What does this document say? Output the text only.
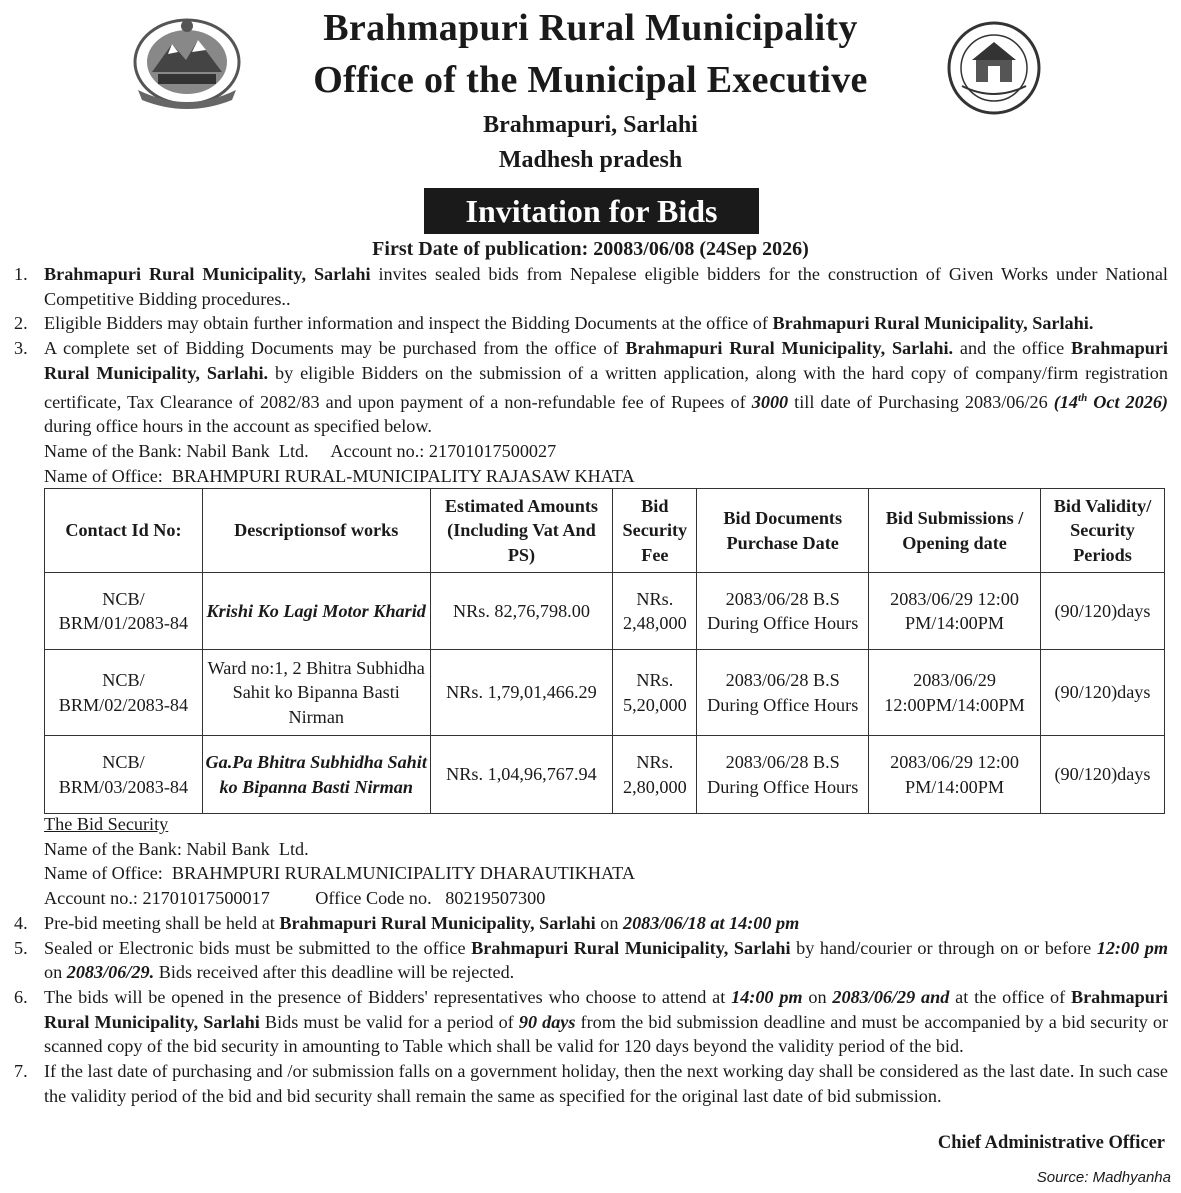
Brahmapuri Rural Municipality
Office of the Municipal Executive
Brahmapuri, Sarlahi
Madhesh pradesh
Invitation for Bids
First Date of publication: 20083/06/08 (24Sep 2026)
1. Brahmapuri Rural Municipality, Sarlahi invites sealed bids from Nepalese eligible bidders for the construction of Given Works under National Competitive Bidding procedures..
2. Eligible Bidders may obtain further information and inspect the Bidding Documents at the office of Brahmapuri Rural Municipality, Sarlahi.
3. A complete set of Bidding Documents may be purchased from the office of Brahmapuri Rural Municipality, Sarlahi. and the office Brahmapuri Rural Municipality, Sarlahi. by eligible Bidders on the submission of a written application, along with the hard copy of company/firm registration certificate, Tax Clearance of 2082/83 and upon payment of a non-refundable fee of Rupees of 3000 till date of Purchasing 2083/06/26 (14th Oct 2026) during office hours in the account as specified below.
Name of the Bank: Nabil Bank  Ltd.     Account no.: 21701017500027
Name of Office:  BRAHMPURI RURAL-MUNICIPALITY RAJASAW KHATA
Contact Id No:	Descriptionsof works	Estimated Amounts (Including Vat And PS)	Bid Security Fee	Bid Documents Purchase Date	Bid Submissions / Opening date	Bid Validity/ Security Periods
NCB/ BRM/01/2083-84	Krishi Ko Lagi Motor Kharid	NRs. 82,76,798.00	NRs. 2,48,000	2083/06/28 B.S During Office Hours	2083/06/29 12:00 PM/14:00PM	(90/120)days
NCB/ BRM/02/2083-84	Ward no:1, 2 Bhitra Subhidha Sahit ko Bipanna Basti Nirman	NRs. 1,79,01,466.29	NRs. 5,20,000	2083/06/28 B.S During Office Hours	2083/06/29 12:00PM/14:00PM	(90/120)days
NCB/ BRM/03/2083-84	Ga.Pa Bhitra Subhidha Sahit ko Bipanna Basti Nirman	NRs. 1,04,96,767.94	NRs. 2,80,000	2083/06/28 B.S During Office Hours	2083/06/29 12:00 PM/14:00PM	(90/120)days
The Bid Security
Name of the Bank: Nabil Bank  Ltd.
Name of Office:  BRAHMPURI RURALMUNICIPALITY DHARAUTIKHATA
Account no.: 21701017500017          Office Code no.   80219507300
4. Pre-bid meeting shall be held at Brahmapuri Rural Municipality, Sarlahi on 2083/06/18 at 14:00 pm
5. Sealed or Electronic bids must be submitted to the office Brahmapuri Rural Municipality, Sarlahi by hand/courier or through on or before 12:00 pm on 2083/06/29. Bids received after this deadline will be rejected.
6. The bids will be opened in the presence of Bidders' representatives who choose to attend at 14:00 pm on 2083/06/29 and at the office of Brahmapuri Rural Municipality, Sarlahi Bids must be valid for a period of 90 days from the bid submission deadline and must be accompanied by a bid security or scanned copy of the bid security in amounting to Table which shall be valid for 120 days beyond the validity period of the bid.
7. If the last date of purchasing and /or submission falls on a government holiday, then the next working day shall be considered as the last date. In such case the validity period of the bid and bid security shall remain the same as specified for the original last date of bid submission.
Chief Administrative Officer
Source: Madhyanha
